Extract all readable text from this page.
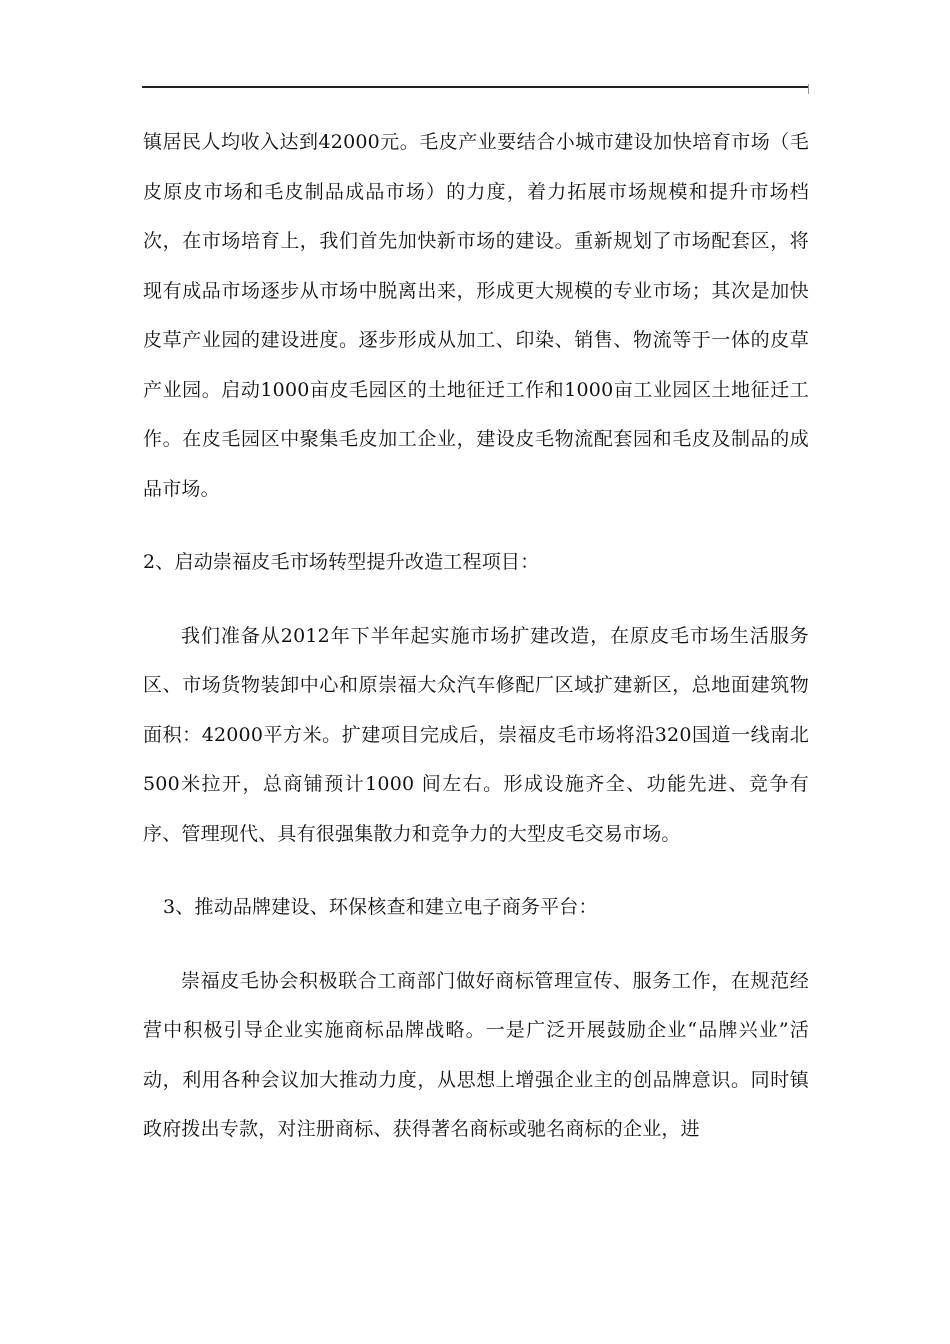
镇居民人均收入达到42000元。毛皮产业要结合小城市建设加快培育市场（毛皮原皮市场和毛皮制品成品市场）的力度，着力拓展市场规模和提升市场档次，在市场培育上，我们首先加快新市场的建设。重新规划了市场配套区，将现有成品市场逐步从市场中脱离出来，形成更大规模的专业市场；其次是加快皮草产业园的建设进度。逐步形成从加工、印染、销售、物流等于一体的皮草产业园。启动1000亩皮毛园区的土地征迁工作和1000亩工业园区土地征迁工作。在皮毛园区中聚集毛皮加工企业，建设皮毛物流配套园和毛皮及制品的成品市场。

2、启动崇福皮毛市场转型提升改造工程项目：

我们准备从2012年下半年起实施市场扩建改造，在原皮毛市场生活服务区、市场货物装卸中心和原崇福大众汽车修配厂区域扩建新区，总地面建筑物面积：42000平方米。扩建项目完成后，崇福皮毛市场将沿320国道一线南北500米拉开，总商铺预计1000 间左右。形成设施齐全、功能先进、竞争有序、管理现代、具有很强集散力和竞争力的大型皮毛交易市场。

3、推动品牌建设、环保核查和建立电子商务平台：

崇福皮毛协会积极联合工商部门做好商标管理宣传、服务工作，在规范经营中积极引导企业实施商标品牌战略。一是广泛开展鼓励企业“品牌兴业”活动，利用各种会议加大推动力度，从思想上增强企业主的创品牌意识。同时镇政府拨出专款，对注册商标、获得著名商标或驰名商标的企业，进
